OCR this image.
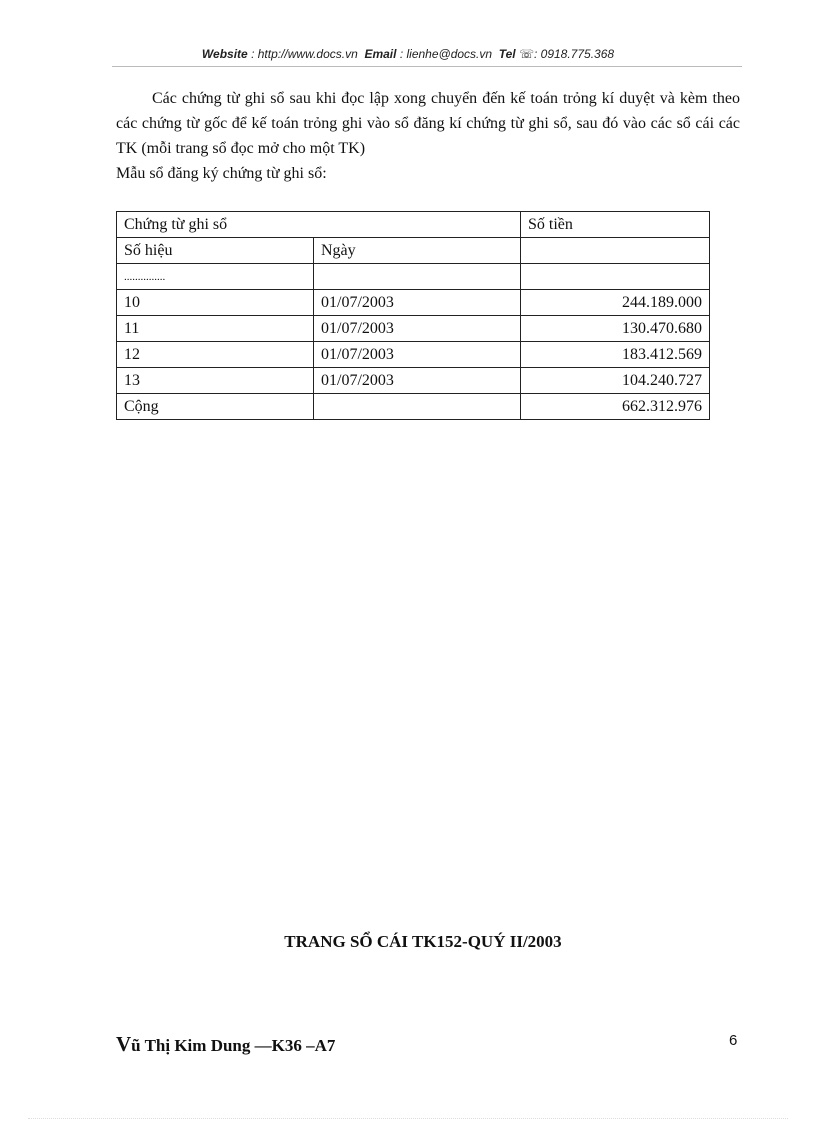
Website : http://www.docs.vn Email : lienhe@docs.vn Tel ☏: 0918.775.368
Các chứng từ ghi sổ sau khi đọc lập xong chuyển đến kế toán trỏng kí duyệt và kèm theo các chứng từ gốc để kế toán trỏng ghi vào sổ đăng kí chứng từ ghi sổ, sau đó vào các sổ cái các TK (mỗi trang sổ đọc mở cho một TK)
Mẫu sổ đăng ký chứng từ ghi sổ:
Chứng từ ghi sổ		Số tiền
Số hiệu	Ngày	
...............		
10	01/07/2003	244.189.000
11	01/07/2003	130.470.680
12	01/07/2003	183.412.569
13	01/07/2003	104.240.727
Cộng		662.312.976
TRANG SỔ CÁI TK152-QUÝ II/2003
Vũ Thị Kim Dung —K36 –A7	6
